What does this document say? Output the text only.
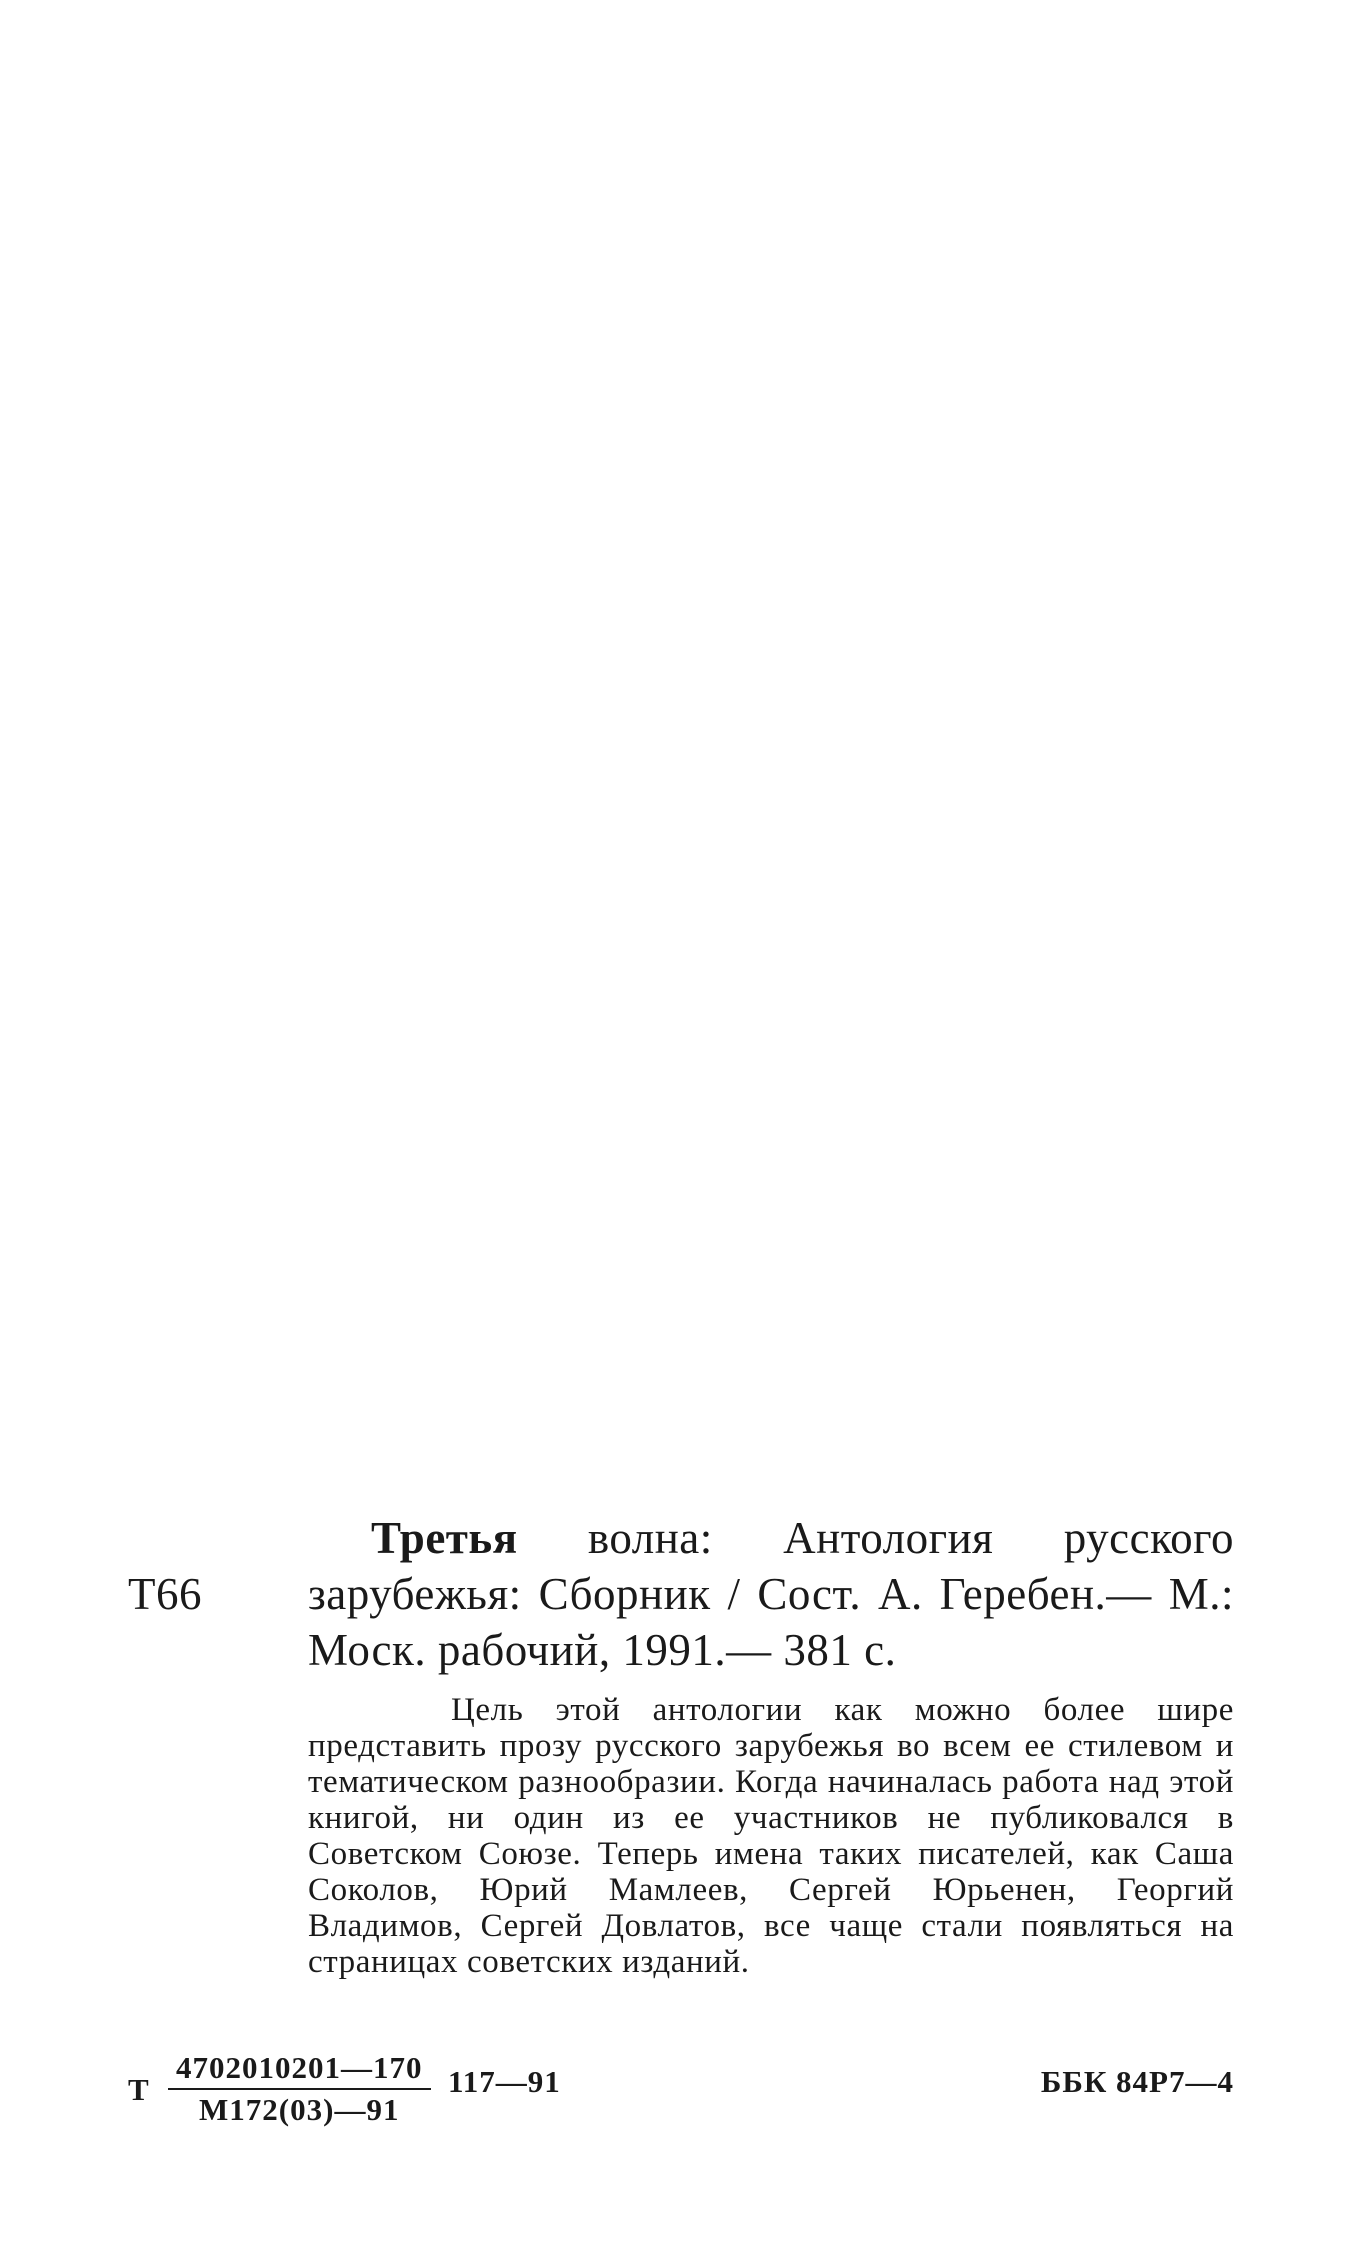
Т66
Третья волна: Антология русского зарубежья: Сборник / Сост. А. Геребен.— М.: Моск. рабочий, 1991.— 381 с.
Цель этой антологии как можно более шире представить прозу русского зарубежья во всем ее стилевом и тематическом разнообразии. Когда начиналась работа над этой книгой, ни один из ее участников не публиковался в Советском Союзе. Теперь имена таких писателей, как Саша Соколов, Юрий Мамлеев, Сергей Юрьенен, Георгий Владимов, Сергей Довлатов, все чаще стали появляться на страницах советских изданий.
Т
4702010201—170
М172(03)—91
117—91	ББК 84Р7—4
